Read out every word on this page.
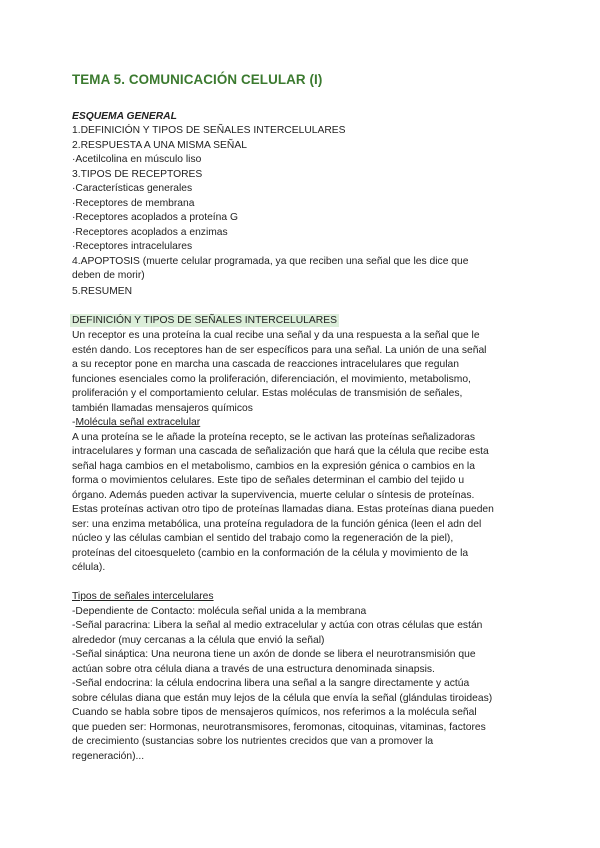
TEMA 5. COMUNICACIÓN CELULAR (I)
ESQUEMA GENERAL
1.DEFINICIÓN Y TIPOS DE SEÑALES INTERCELULARES
2.RESPUESTA A UNA MISMA SEÑAL
·Acetilcolina en músculo liso
3.TIPOS DE RECEPTORES
·Características generales
·Receptores de membrana
·Receptores acoplados a proteína G
·Receptores acoplados a enzimas
·Receptores intracelulares
4.APOPTOSIS (muerte celular programada, ya que reciben una señal que les dice que
deben de morir)
5.RESUMEN
DEFINICIÓN Y TIPOS DE SEÑALES INTERCELULARES
Un receptor es una proteína la cual recibe una señal y da una respuesta a la señal que le
estén dando. Los receptores han de ser específicos para una señal. La unión de una señal
a su receptor pone en marcha una cascada de reacciones intracelulares que regulan
funciones esenciales como la proliferación, diferenciación, el movimiento, metabolismo,
proliferación y el comportamiento celular. Estas moléculas de transmisión de señales,
también llamadas mensajeros químicos
-Molécula señal extracelular
A una proteína se le añade la proteína recepto, se le activan las proteínas señalizadoras
intracelulares y forman una cascada de señalización que hará que la célula que recibe esta
señal haga cambios en el metabolismo, cambios en la expresión génica o cambios en la
forma o movimientos celulares. Este tipo de señales determinan el cambio del tejido u
órgano. Además pueden activar la supervivencia, muerte celular o síntesis de proteínas.
Estas proteínas activan otro tipo de proteínas llamadas diana. Estas proteínas diana pueden
ser: una enzima metabólica, una proteína reguladora de la función génica (leen el adn del
núcleo y las células cambian el sentido del trabajo como la regeneración de la piel),
proteínas del citoesqueleto (cambio en la conformación de la célula y movimiento de la
célula).
Tipos de señales intercelulares
-Dependiente de Contacto: molécula señal unida a la membrana
-Señal paracrina: Libera la señal al medio extracelular y actúa con otras células que están
alrededor (muy cercanas a la célula que envió la señal)
-Señal sináptica: Una neurona tiene un axón de donde se libera el neurotransmisión que
actúan sobre otra célula diana a través de una estructura denominada sinapsis.
-Señal endocrina: la célula endocrina libera una señal a la sangre directamente y actúa
sobre células diana que están muy lejos de la célula que envía la señal (glándulas tiroideas)
Cuando se habla sobre tipos de mensajeros químicos, nos referimos a la molécula señal
que pueden ser: Hormonas, neurotransmisores, feromonas, citoquinas, vitaminas, factores
de crecimiento (sustancias sobre los nutrientes crecidos que van a promover la
regeneración)...
